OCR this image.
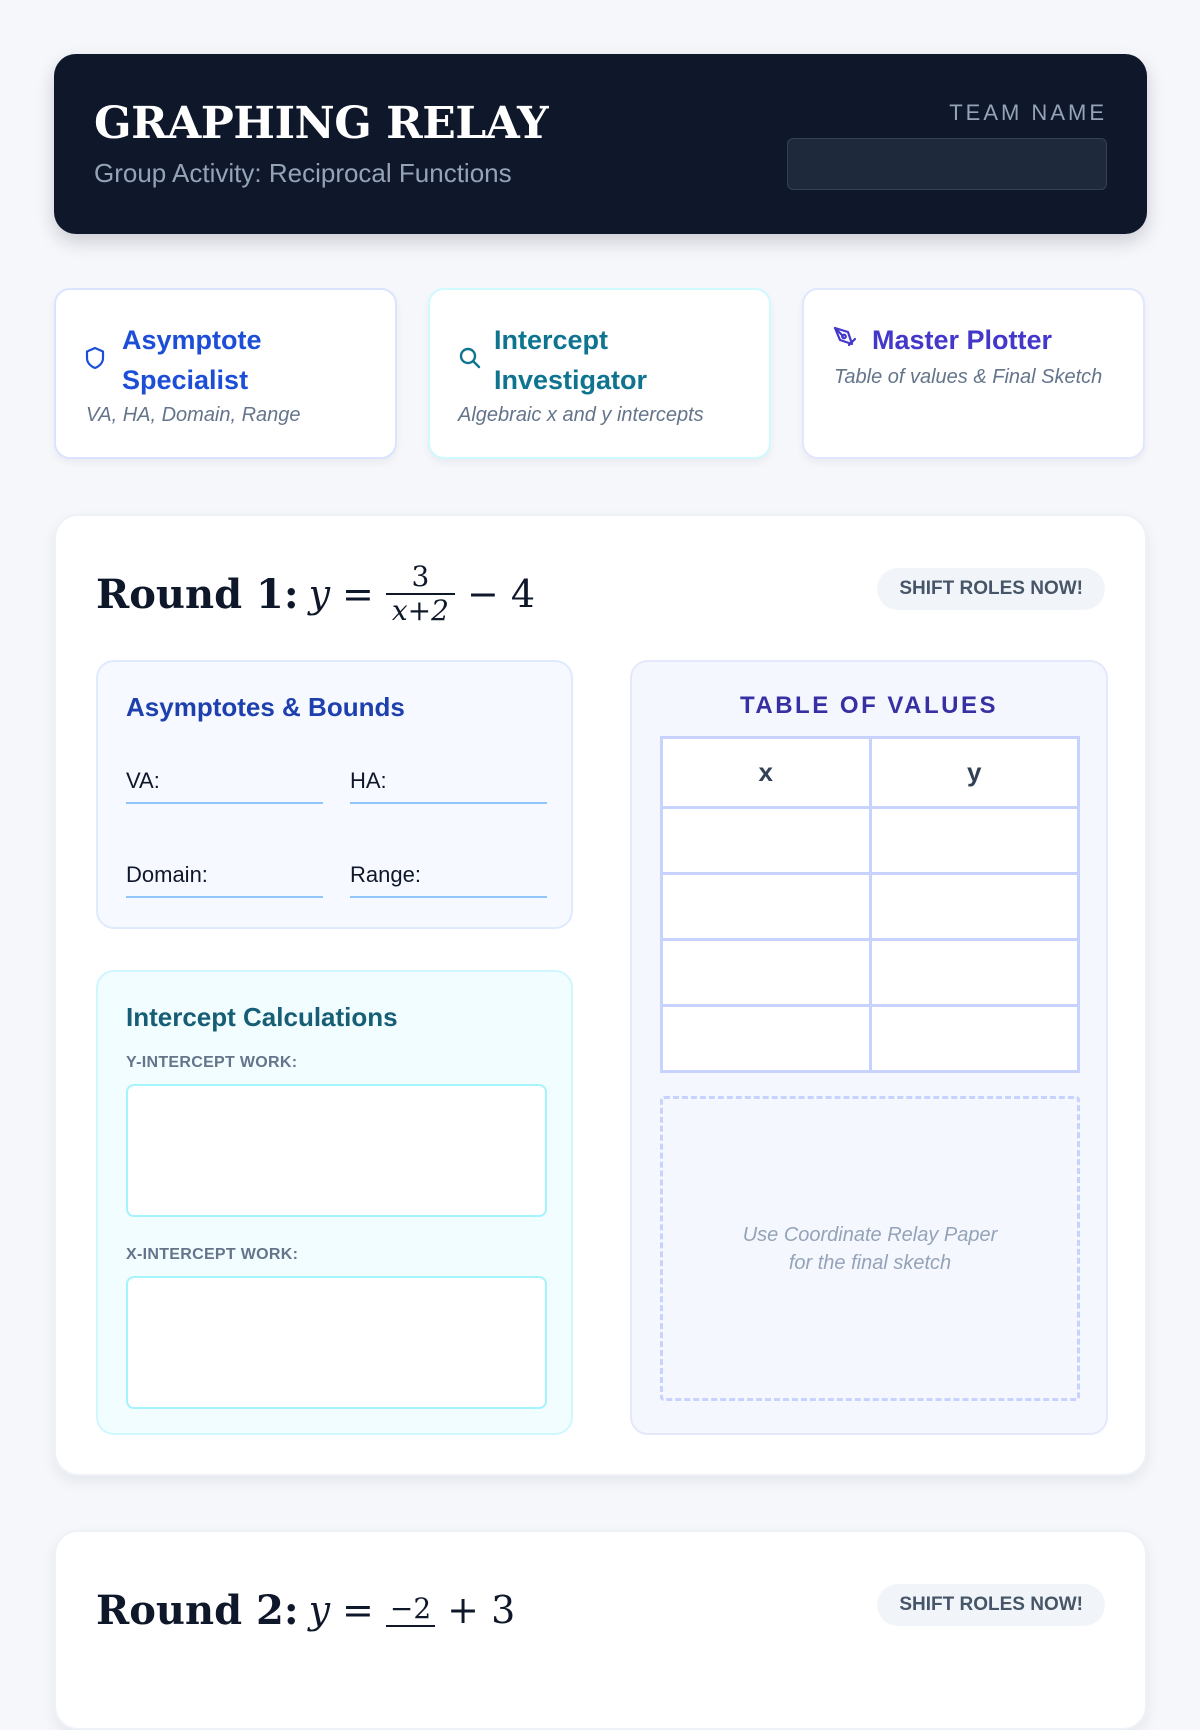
GRAPHING RELAY
Group Activity: Reciprocal Functions
TEAM NAME
Asymptote Specialist
VA, HA, Domain, Range
Intercept Investigator
Algebraic x and y intercepts
Master Plotter
Table of values & Final Sketch
Round 1: $y = \frac{3}{x+2} - 4$	SHIFT ROLES NOW!
Asymptotes & Bounds
VA:	HA:
Domain:	Range:
Intercept Calculations
Y-INTERCEPT WORK:
X-INTERCEPT WORK:
TABLE OF VALUES
x	y

Use Coordinate Relay Paper
for the final sketch
Round 2: y = −2 + 3	SHIFT ROLES NOW!
